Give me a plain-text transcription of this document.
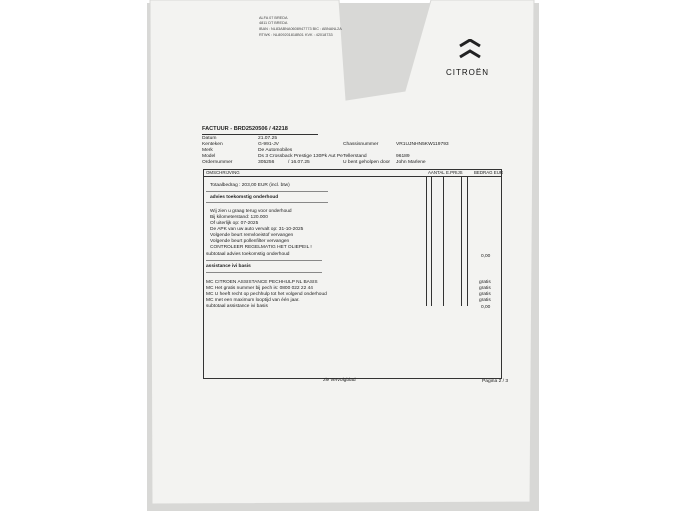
ALFA 07 BREDA
4811 DT BREDA
IBAN : NL83ABNA0608947773 BIC : ABNANL2A
RTWK : NL809201818B01 KVK : 42018733
CITROËN
FACTUUR - BRD2520506 / 42218
Datum	21.07.25
Kenteken	G-991-JV
Merk	De Automobiles
Model	Ds 3 Crossback Prestige 130Pk Aut Pe
Ordernummer	305256	/ 16.07.25
Chassisnummer	VR1UJNHN5KW119793
Tellerstand	96189
U bent geholpen door John Marlene
OMSCHRIJVING	AANTAL E.PRIJS	BEDRAG EUR
Totaalbedrag : 203,00 EUR (incl. btw)
advies toekomstig onderhoud
Wij zien u graag terug voor onderhoud
Bij kilometerstand: 120.000
Of uiterlijk op: 07-2025
De APK van uw auto vervalt op: 31-10-2025
Volgende beurt remvloeistof vervangen
Volgende beurt pollenfilter vervangen
CONTROLEER REGELMATIG HET OLIEPEIL !
subtotaal advies toekomstig onderhoud	0,00
assistance ivi basis
MC CITROEN ASSISTANCE PECHHULP NL BASIS	gratis
MC Het gratis nummer bij pech is: 0800 022 22 44	gratis
MC U heeft recht op pechhulp tot het volgend onderhoud	gratis
MC met een maximum looptijd van één jaar.	gratis
subtotaal assistance ivi basis	0,00
zie vervolgblad	Pagina 2 / 3
